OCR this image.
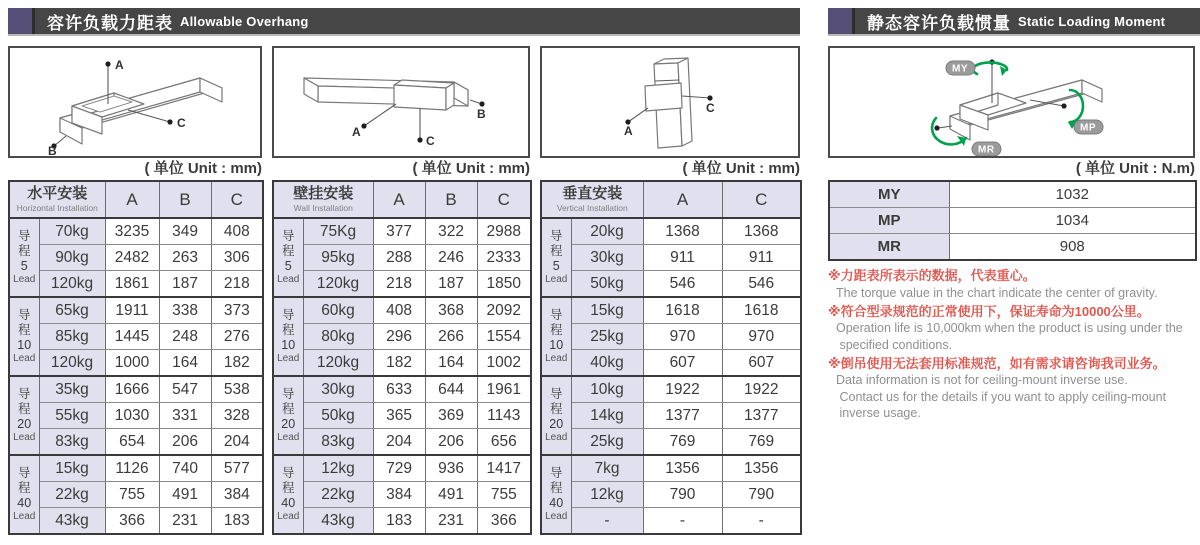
容许负载力距表 Allowable Overhang	静态容许负载惯量 Static Loading Moment
A
B
C
( 单位 Unit : mm)
水平安装
Horizontal Installation		A	B	C

导
程
5
Lead	70kg	3235	349	408
	90kg	2482	263	306
	120kg	1861	187	218

导
程
10
Lead	65kg	1911	338	373
	85kg	1445	248	276
	120kg	1000	164	182

导
程
20
Lead	35kg	1666	547	538
	55kg	1030	331	328
	83kg	654	206	204

导
程
40
Lead	15kg	1126	740	577
	22kg	755	491	384
	43kg	366	231	183
A
C
B
( 单位 Unit : mm)
壁挂安装
Wall Installation		A	B	C

导
程
5
Lead	75Kg	377	322	2988
	95kg	288	246	2333
	120kg	218	187	1850

导
程
10
Lead	60kg	408	368	2092
	80kg	296	266	1554
	120kg	182	164	1002

导
程
20
Lead	30kg	633	644	1961
	50kg	365	369	1143
	83kg	204	206	656

导
程
40
Lead	12kg	729	936	1417
	22kg	384	491	755
	43kg	183	231	366
A
C
( 单位 Unit : mm)
垂直安装
Vertical Installation		A	C

导
程
5
Lead	20kg	1368	1368
	30kg	911	911
	50kg	546	546

导
程
10
Lead	15kg	1618	1618
	25kg	970	970
	40kg	607	607

导
程
20
Lead	10kg	1922	1922
	14kg	1377	1377
	25kg	769	769

导
程
40
Lead	7kg	1356	1356
	12kg	790	790
	-	-	-
MY
MP
MR
( 单位 Unit : N.m)
MY	1032
MP	1034
MR	908
※力距表所表示的数据，代表重心。
The torque value in the chart indicate the center of gravity.
※符合型录规范的正常使用下，保证寿命为10000公里。
Operation life is 10,000km when the product is using under the
specified conditions.
※倒吊使用无法套用标准规范，如有需求请咨询我司业务。
Data information is not for ceiling-mount inverse use.
Contact us for the details if you want to apply ceiling-mount
inverse usage.
